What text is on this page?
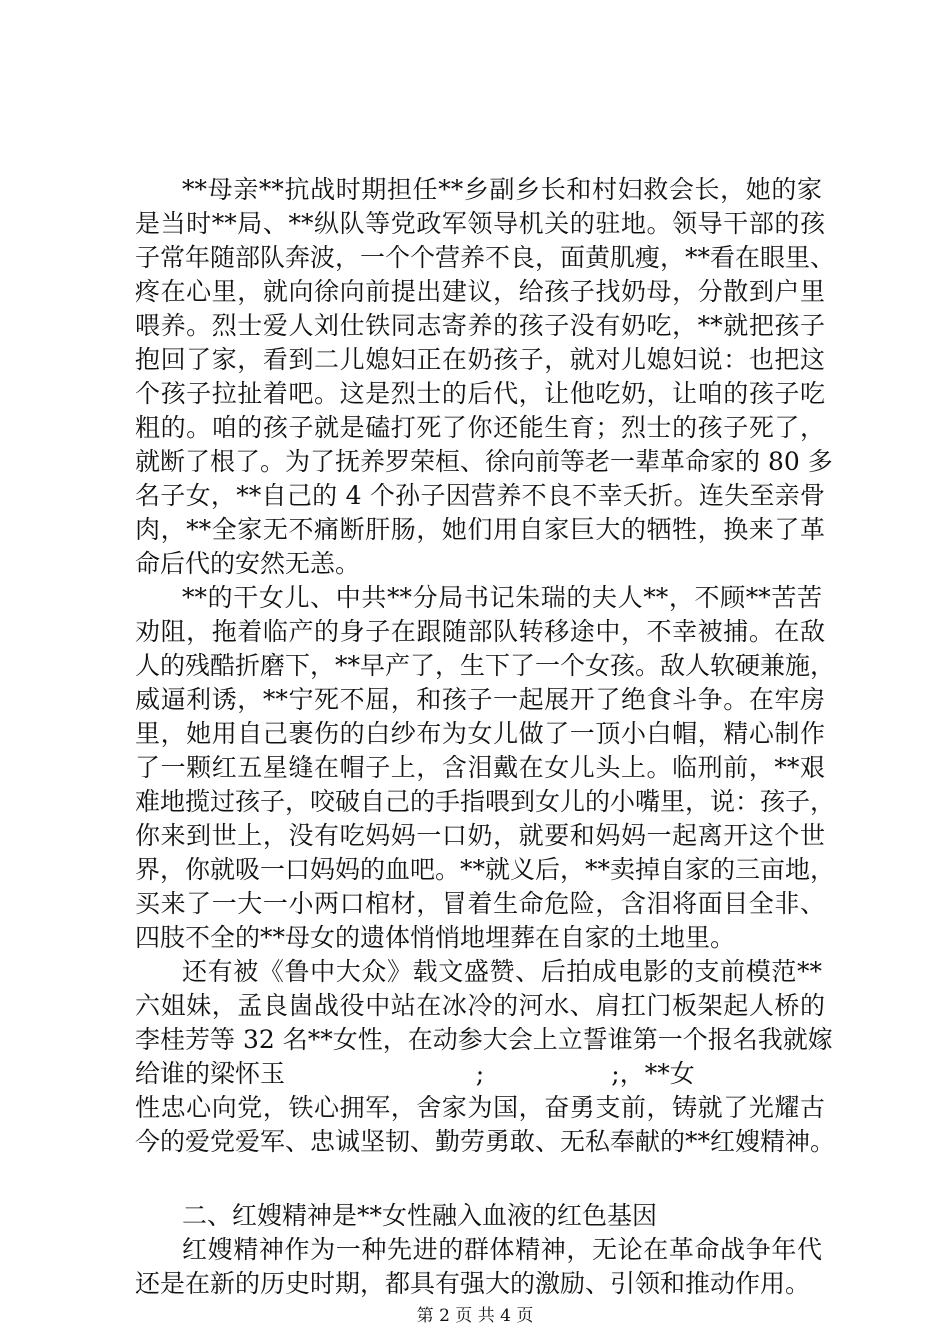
**母亲**抗战时期担任**乡副乡长和村妇救会长，她的家
是当时**局、**纵队等党政军领导机关的驻地。领导干部的孩
子常年随部队奔波，一个个营养不良，面黄肌瘦，**看在眼里、
疼在心里，就向徐向前提出建议，给孩子找奶母，分散到户里
喂养。烈士爱人刘仕铁同志寄养的孩子没有奶吃，**就把孩子
抱回了家，看到二儿媳妇正在奶孩子，就对儿媳妇说：也把这
个孩子拉扯着吧。这是烈士的后代，让他吃奶，让咱的孩子吃
粗的。咱的孩子就是磕打死了你还能生育；烈士的孩子死了，
就断了根了。为了抚养罗荣桓、徐向前等老一辈革命家的 80 多
名子女，**自己的 4 个孙子因营养不良不幸夭折。连失至亲骨
肉，**全家无不痛断肝肠，她们用自家巨大的牺牲，换来了革
命后代的安然无恙。
**的干女儿、中共**分局书记朱瑞的夫人**，不顾**苦苦
劝阻，拖着临产的身子在跟随部队转移途中，不幸被捕。在敌
人的残酷折磨下，**早产了，生下了一个女孩。敌人软硬兼施，
威逼利诱，**宁死不屈，和孩子一起展开了绝食斗争。在牢房
里，她用自己裹伤的白纱布为女儿做了一顶小白帽，精心制作
了一颗红五星缝在帽子上，含泪戴在女儿头上。临刑前，**艰
难地揽过孩子，咬破自己的手指喂到女儿的小嘴里，说：孩子，
你来到世上，没有吃妈妈一口奶，就要和妈妈一起离开这个世
界，你就吸一口妈妈的血吧。**就义后，**卖掉自家的三亩地，
买来了一大一小两口棺材，冒着生命危险，含泪将面目全非、
四肢不全的**母女的遗体悄悄地埋葬在自家的土地里。
还有被《鲁中大众》载文盛赞、后拍成电影的支前模范**
六姐妹，孟良崮战役中站在冰冷的河水、肩扛门板架起人桥的
李桂芳等 32 名**女性，在动参大会上立誓谁第一个报名我就嫁
给谁的梁怀玉                        ;                ;，**女
性忠心向党，铁心拥军，舍家为国，奋勇支前，铸就了光耀古
今的爱党爱军、忠诚坚韧、勤劳勇敢、无私奉献的**红嫂精神。
二、红嫂精神是**女性融入血液的红色基因
红嫂精神作为一种先进的群体精神，无论在革命战争年代
还是在新的历史时期，都具有强大的激励、引领和推动作用。
第 2 页 共 4 页
